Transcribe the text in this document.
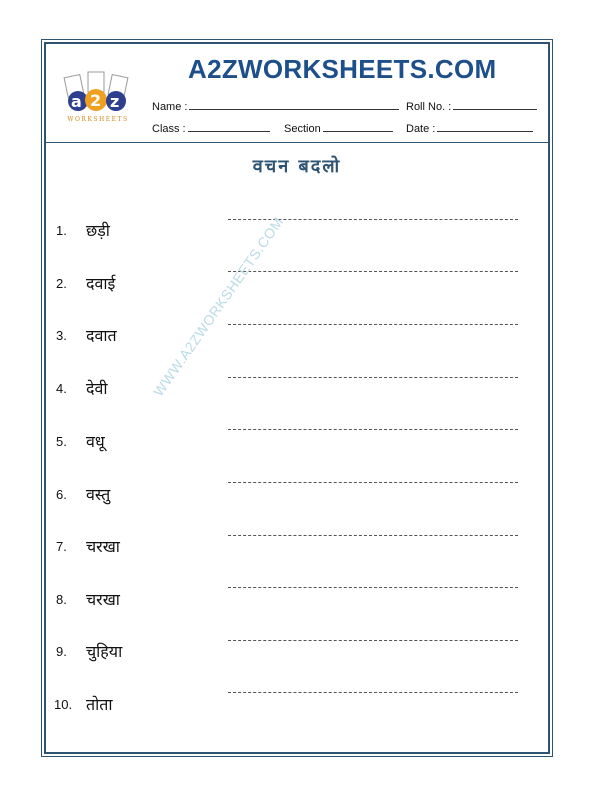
A2ZWORKSHEETS.COM
a 2 z
WORKSHEETS
Name :	Roll No. :
Class :	Section	Date :
वचन बदलो
1. छड़ी
2. दवाई
3. दवात
4. देवी
5. वधू
6. वस्तु
7. चरखा
8. चरखा
9. चुहिया
10. तोता
WWW.A2ZWORKSHEETS.COM
